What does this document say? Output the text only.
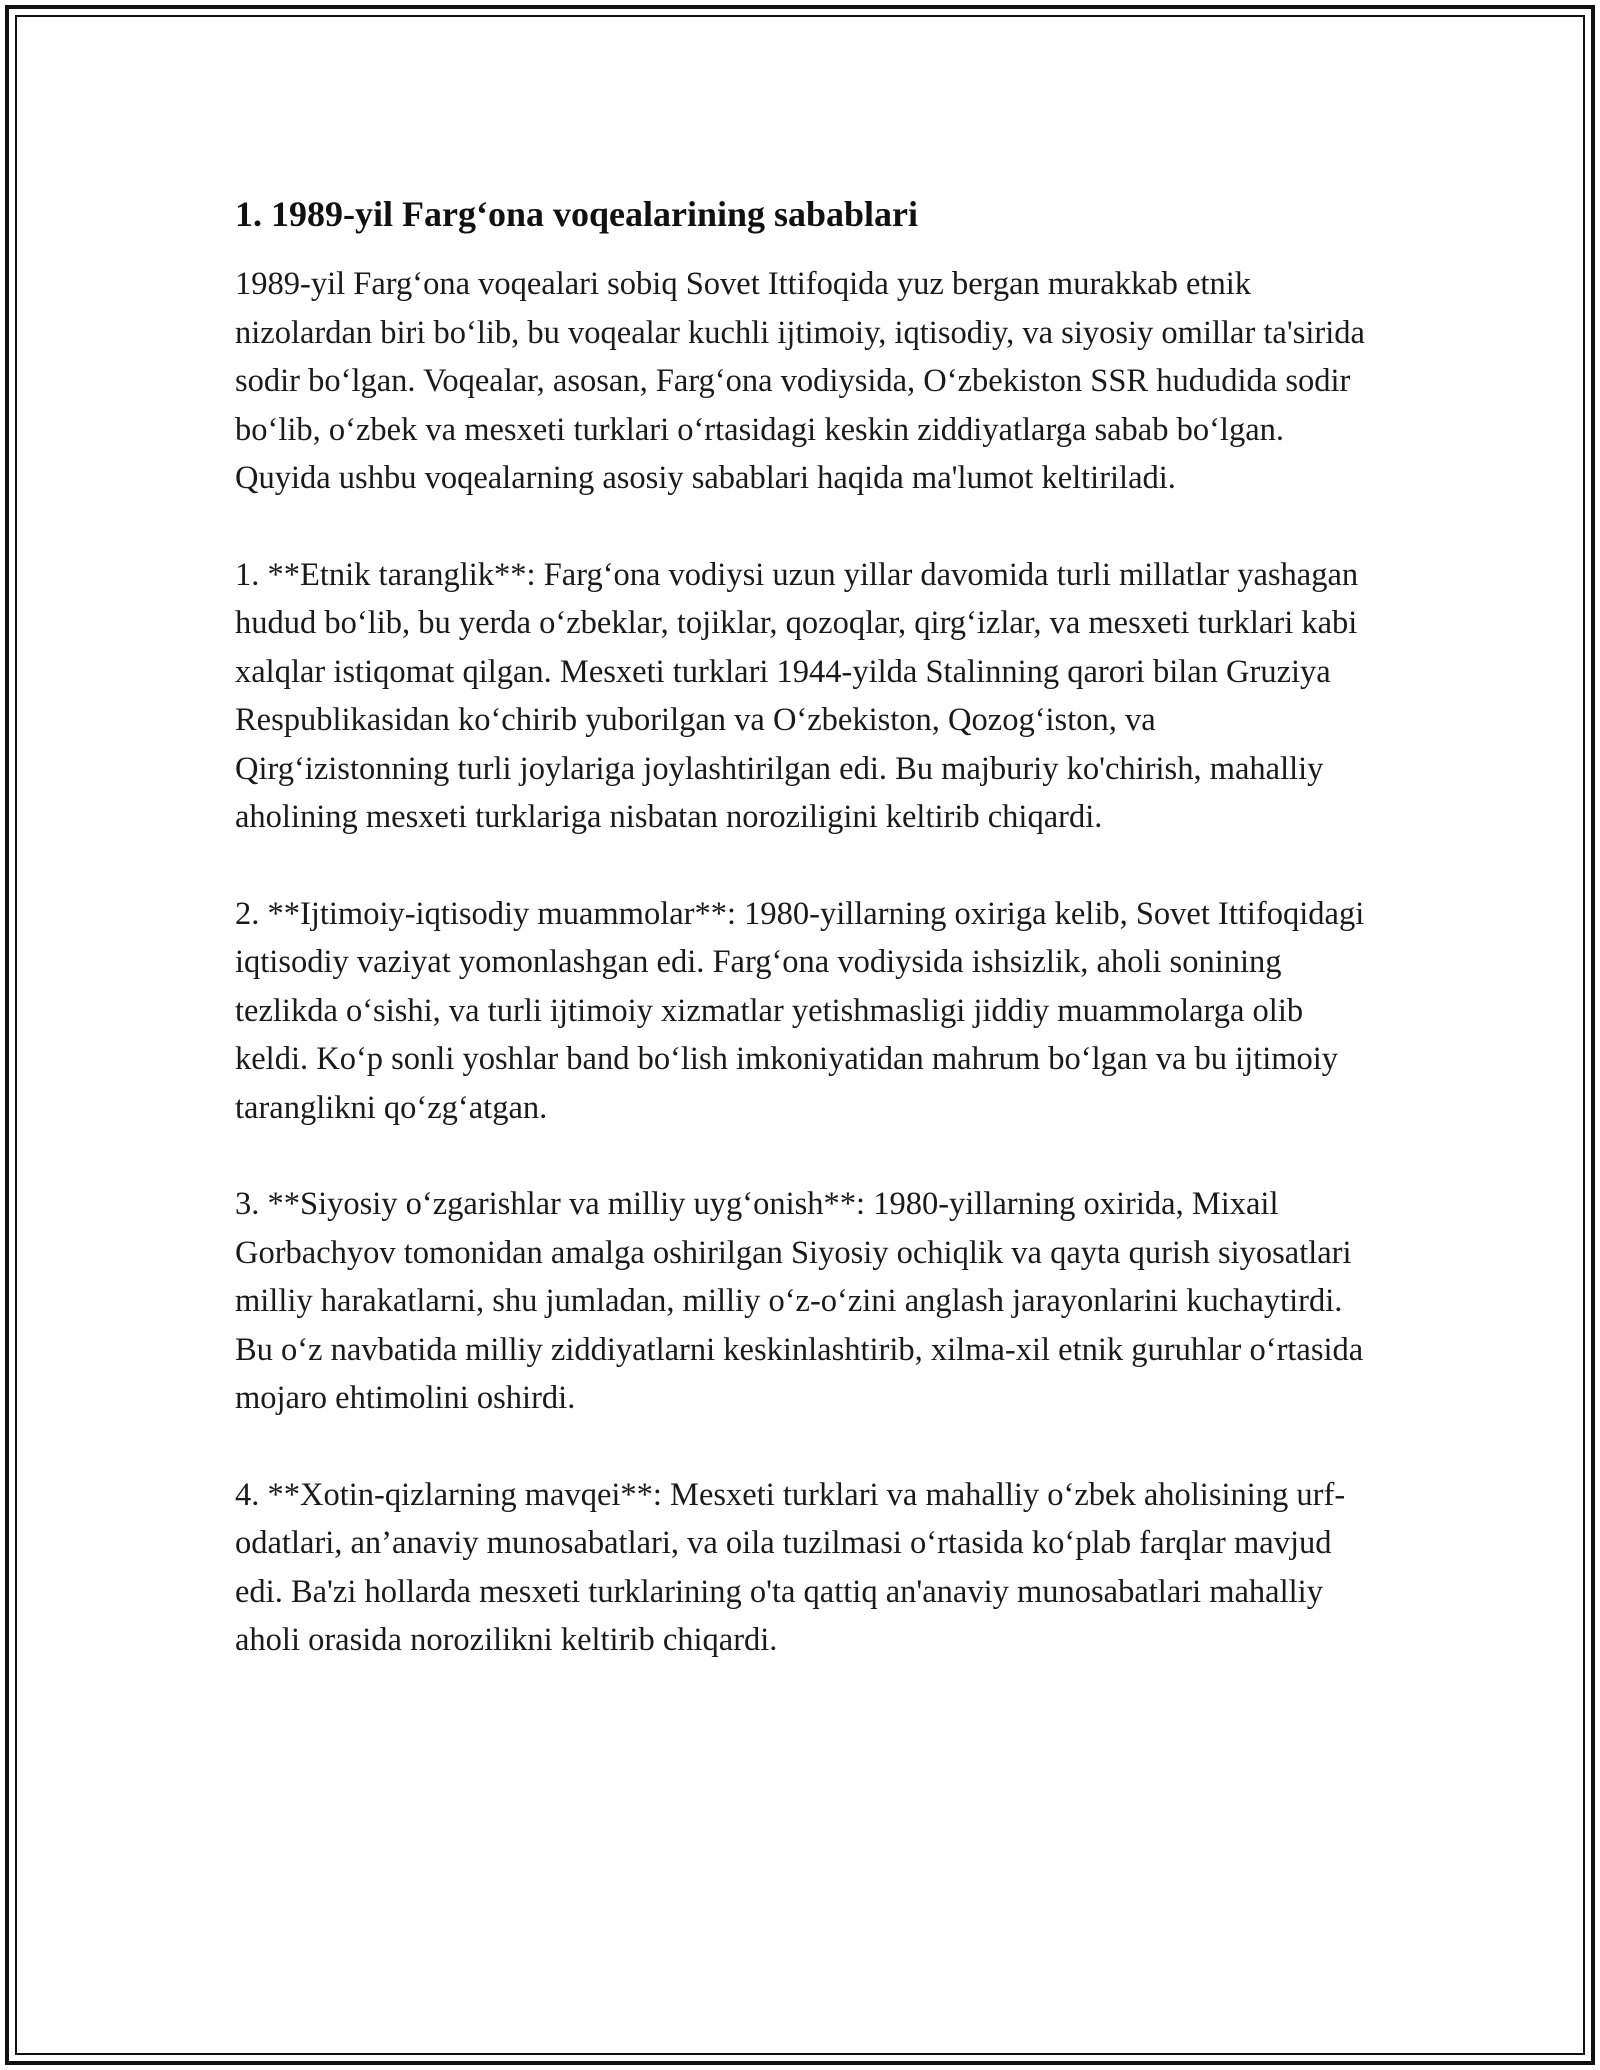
1. 1989-yil Farg‘ona voqealarining sabablari

1989-yil Farg‘ona voqealari sobiq Sovet Ittifoqida yuz bergan murakkab etnik nizolardan biri bo‘lib, bu voqealar kuchli ijtimoiy, iqtisodiy, va siyosiy omillar ta'sirida sodir bo‘lgan. Voqealar, asosan, Farg‘ona vodiysida, O‘zbekiston SSR hududida sodir bo‘lib, o‘zbek va mesxeti turklari o‘rtasidagi keskin ziddiyatlarga sabab bo‘lgan. Quyida ushbu voqealarning asosiy sabablari haqida ma'lumot keltiriladi.

1. **Etnik taranglik**: Farg‘ona vodiysi uzun yillar davomida turli millatlar yashagan hudud bo‘lib, bu yerda o‘zbeklar, tojiklar, qozoqlar, qirg‘izlar, va mesxeti turklari kabi xalqlar istiqomat qilgan. Mesxeti turklari 1944-yilda Stalinning qarori bilan Gruziya Respublikasidan ko‘chirib yuborilgan va O‘zbekiston, Qozog‘iston, va Qirg‘izistonning turli joylariga joylashtirilgan edi. Bu majburiy ko'chirish, mahalliy aholining mesxeti turklariga nisbatan noroziligini keltirib chiqardi.

2. **Ijtimoiy-iqtisodiy muammolar**: 1980-yillarning oxiriga kelib, Sovet Ittifoqidagi iqtisodiy vaziyat yomonlashgan edi. Farg‘ona vodiysida ishsizlik, aholi sonining tezlikda o‘sishi, va turli ijtimoiy xizmatlar yetishmasligi jiddiy muammolarga olib keldi. Ko‘p sonli yoshlar band bo‘lish imkoniyatidan mahrum bo‘lgan va bu ijtimoiy taranglikni qo‘zg‘atgan.

3. **Siyosiy o‘zgarishlar va milliy uyg‘onish**: 1980-yillarning oxirida, Mixail Gorbachyov tomonidan amalga oshirilgan Siyosiy ochiqlik va qayta qurish siyosatlari milliy harakatlarni, shu jumladan, milliy o‘z-o‘zini anglash jarayonlarini kuchaytirdi. Bu o‘z navbatida milliy ziddiyatlarni keskinlashtirib, xilma-xil etnik guruhlar o‘rtasida mojaro ehtimolini oshirdi.

4. **Xotin-qizlarning mavqei**: Mesxeti turklari va mahalliy o‘zbek aholisining urf-odatlari, an’anaviy munosabatlari, va oila tuzilmasi o‘rtasida ko‘plab farqlar mavjud edi. Ba'zi hollarda mesxeti turklarining o'ta qattiq an'anaviy munosabatlari mahalliy aholi orasida norozilikni keltirib chiqardi.
